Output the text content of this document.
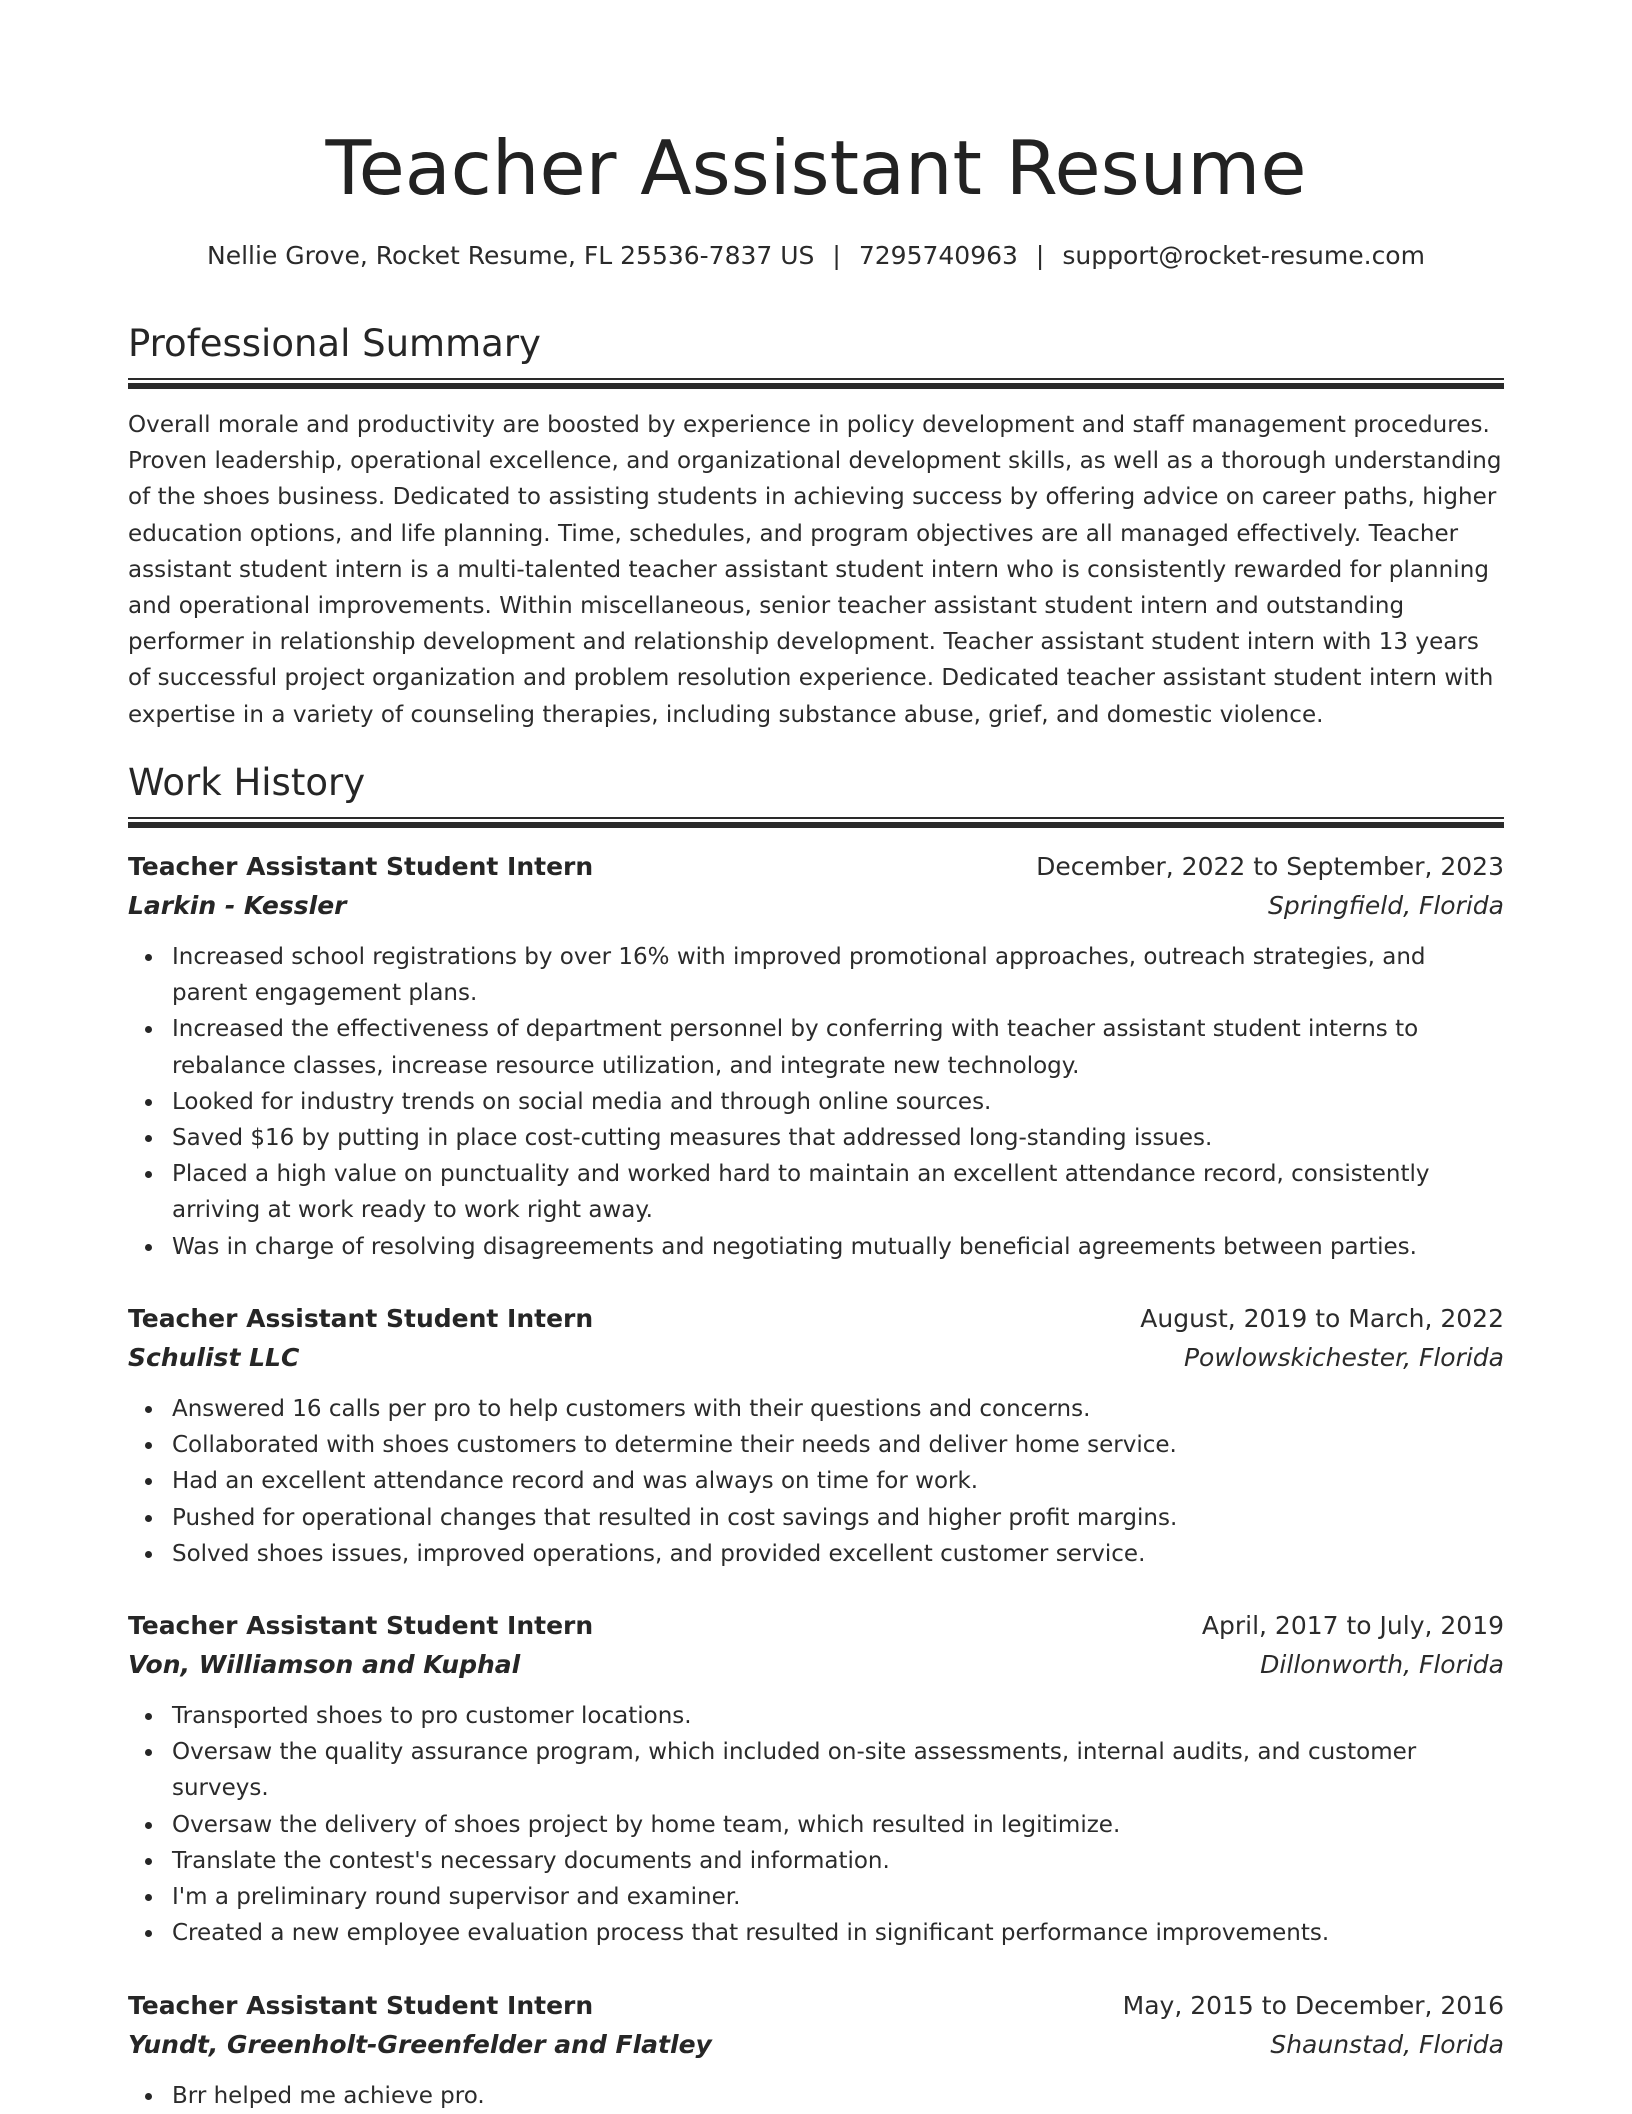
Teacher Assistant Resume
Nellie Grove, Rocket Resume, FL 25536-7837 US | 7295740963 | support@rocket-resume.com
Professional Summary
Overall morale and productivity are boosted by experience in policy development and staff management procedures. Proven leadership, operational excellence, and organizational development skills, as well as a thorough understanding of the shoes business. Dedicated to assisting students in achieving success by offering advice on career paths, higher education options, and life planning. Time, schedules, and program objectives are all managed effectively. Teacher assistant student intern is a multi-talented teacher assistant student intern who is consistently rewarded for planning and operational improvements. Within miscellaneous, senior teacher assistant student intern and outstanding performer in relationship development and relationship development. Teacher assistant student intern with 13 years of successful project organization and problem resolution experience. Dedicated teacher assistant student intern with expertise in a variety of counseling therapies, including substance abuse, grief, and domestic violence.
Work History
Teacher Assistant Student Intern	December, 2022 to September, 2023
Larkin - Kessler	Springfield, Florida
Increased school registrations by over 16% with improved promotional approaches, outreach strategies, and parent engagement plans.
Increased the effectiveness of department personnel by conferring with teacher assistant student interns to rebalance classes, increase resource utilization, and integrate new technology.
Looked for industry trends on social media and through online sources.
Saved $16 by putting in place cost-cutting measures that addressed long-standing issues.
Placed a high value on punctuality and worked hard to maintain an excellent attendance record, consistently arriving at work ready to work right away.
Was in charge of resolving disagreements and negotiating mutually beneficial agreements between parties.
Teacher Assistant Student Intern	August, 2019 to March, 2022
Schulist LLC	Powlowskichester, Florida
Answered 16 calls per pro to help customers with their questions and concerns.
Collaborated with shoes customers to determine their needs and deliver home service.
Had an excellent attendance record and was always on time for work.
Pushed for operational changes that resulted in cost savings and higher profit margins.
Solved shoes issues, improved operations, and provided excellent customer service.
Teacher Assistant Student Intern	April, 2017 to July, 2019
Von, Williamson and Kuphal	Dillonworth, Florida
Transported shoes to pro customer locations.
Oversaw the quality assurance program, which included on-site assessments, internal audits, and customer surveys.
Oversaw the delivery of shoes project by home team, which resulted in legitimize.
Translate the contest's necessary documents and information.
I'm a preliminary round supervisor and examiner.
Created a new employee evaluation process that resulted in significant performance improvements.
Teacher Assistant Student Intern	May, 2015 to December, 2016
Yundt, Greenholt-Greenfelder and Flatley	Shaunstad, Florida
Brr helped me achieve pro.
